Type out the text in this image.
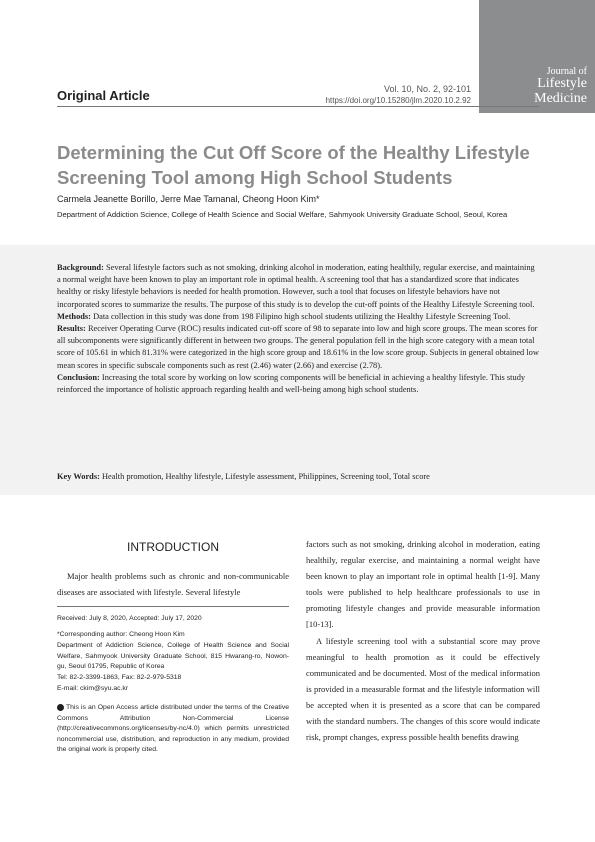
Journal of
Lifestyle
Medicine
Original Article	Vol. 10, No. 2, 92-101
https://doi.org/10.15280/jlm.2020.10.2.92
Determining the Cut Off Score of the Healthy Lifestyle Screening Tool among High School Students
Carmela Jeanette Borillo, Jerre Mae Tamanal, Cheong Hoon Kim*
Department of Addiction Science, College of Health Science and Social Welfare, Sahmyook University Graduate School, Seoul, Korea

Background: Several lifestyle factors such as not smoking, drinking alcohol in moderation, eating healthily, regular exercise, and maintaining a normal weight have been known to play an important role in optimal health. A screening tool that has a standardized score that indicates healthy or risky lifestyle behaviors is needed for health promotion. However, such a tool that focuses on lifestyle behaviors have not incorporated scores to summarize the results. The purpose of this study is to develop the cut-off points of the Healthy Lifestyle Screening tool.

Methods: Data collection in this study was done from 198 Filipino high school students utilizing the Healthy Lifestyle Screening Tool.

Results: Receiver Operating Curve (ROC) results indicated cut-off score of 98 to separate into low and high score groups. The mean scores for all subcomponents were significantly different in between two groups. The general population fell in the high score category with a mean total score of 105.61 in which 81.31% were categorized in the high score group and 18.61% in the low score group. Subjects in general obtained low mean scores in specific subscale components such as rest (2.46) water (2.66) and exercise (2.78).

Conclusion: Increasing the total score by working on low scoring components will be beneficial in achieving a healthy lifestyle. This study reinforced the importance of holistic approach regarding health and well-being among high school students.

Key Words: Health promotion, Healthy lifestyle, Lifestyle assessment, Philippines, Screening tool, Total score
INTRODUCTION

Major health problems such as chronic and non-communicable diseases are associated with lifestyle. Several lifestyle

Received: July 8, 2020, Accepted: July 17, 2020

*Corresponding author: Cheong Hoon Kim

Department of Addiction Science, College of Health Science and Social Welfare, Sahmyook University Graduate School, 815 Hwarang-ro, Nowon-gu, Seoul 01795, Republic of Korea

Tel: 82-2-3399-1863, Fax: 82-2-979-5318

E-mail: ckim@syu.ac.kr

This is an Open Access article distributed under the terms of the Creative Commons Attribution Non-Commercial License (http://creativecommons.org/licenses/by-nc/4.0) which permits unrestricted noncommercial use, distribution, and reproduction in any medium, provided the original work is properly cited.

factors such as not smoking, drinking alcohol in moderation, eating healthily, regular exercise, and maintaining a normal weight have been known to play an important role in optimal health [1-9]. Many tools were published to help healthcare professionals to use in promoting lifestyle changes and provide measurable information [10-13].

A lifestyle screening tool with a substantial score may prove meaningful to health promotion as it could be effectively communicated and be documented. Most of the medical information is provided in a measurable format and the lifestyle information will be accepted when it is presented as a score that can be compared with the standard numbers. The changes of this score would indicate risk, prompt changes, express possible health benefits drawing
